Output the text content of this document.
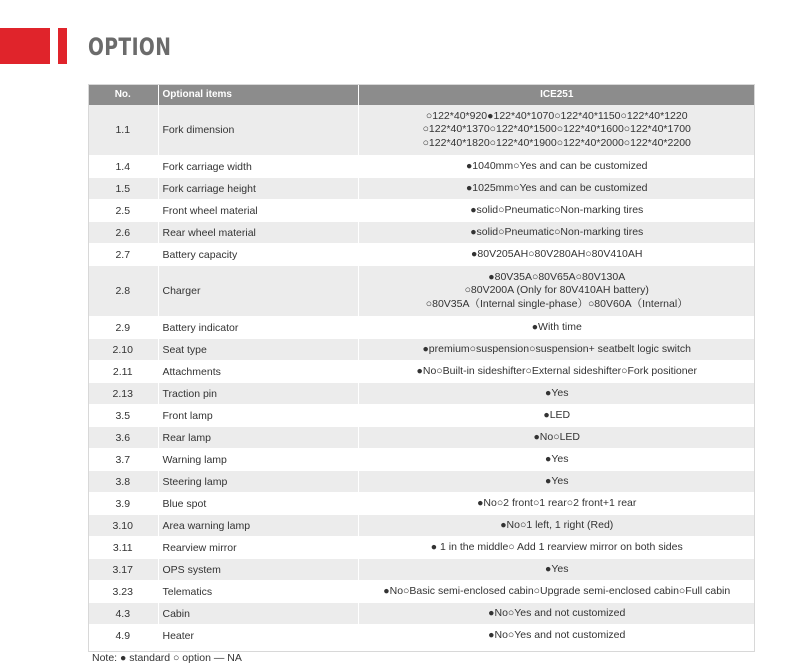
OPTION
No.	Optional items	ICE251
1.1	Fork dimension	○122*40*920●122*40*1070○122*40*1150○122*40*1220
○122*40*1370○122*40*1500○122*40*1600○122*40*1700
○122*40*1820○122*40*1900○122*40*2000○122*40*2200

1.4	Fork carriage width	●1040mm○Yes and can be customized

1.5	Fork carriage height	●1025mm○Yes and can be customized

2.5	Front wheel material	●solid○Pneumatic○Non-marking tires

2.6	Rear wheel material	●solid○Pneumatic○Non-marking tires

2.7	Battery capacity	●80V205AH○80V280AH○80V410AH

2.8	Charger	●80V35A○80V65A○80V130A
○80V200A (Only for 80V410AH battery)
○80V35A（Internal single-phase）○80V60A（Internal）

2.9	Battery indicator	●With time

2.10	Seat type	●premium○suspension○suspension+ seatbelt logic switch

2.11	Attachments	●No○Built-in sideshifter○External sideshifter○Fork positioner

2.13	Traction pin	●Yes

3.5	Front lamp	●LED

3.6	Rear lamp	●No○LED

3.7	Warning lamp	●Yes

3.8	Steering lamp	●Yes

3.9	Blue spot	●No○2 front○1 rear○2 front+1 rear

3.10	Area warning lamp	●No○1 left, 1 right (Red)

3.11	Rearview mirror	● 1 in the middle○ Add 1 rearview mirror on both sides

3.17	OPS system	●Yes

3.23	Telematics	●No○Basic semi-enclosed cabin○Upgrade semi-enclosed cabin○Full cabin

4.3	Cabin	●No○Yes and not customized

4.9	Heater	●No○Yes and not customized

Note: ● standard ○ option — NA		
